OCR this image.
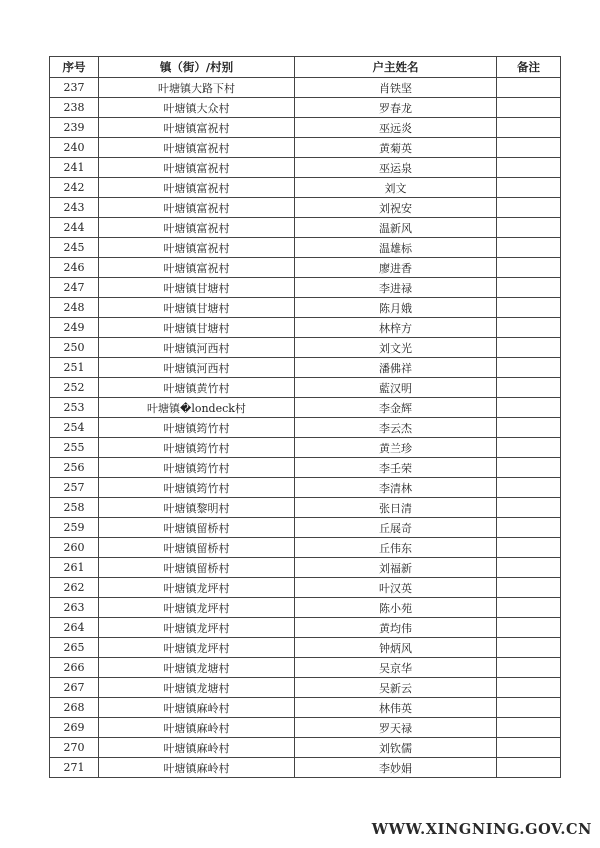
序号	镇（街）/村别	户主姓名	备注
237	叶塘镇大路下村	肖铁坚	
238	叶塘镇大众村	罗春龙	
239	叶塘镇富祝村	巫远炎	
240	叶塘镇富祝村	黄菊英	
241	叶塘镇富祝村	巫运泉	
242	叶塘镇富祝村	刘文	
243	叶塘镇富祝村	刘祝安	
244	叶塘镇富祝村	温新风	
245	叶塘镇富祝村	温雄标	
246	叶塘镇富祝村	廖进香	
247	叶塘镇甘塘村	李进禄	
248	叶塘镇甘塘村	陈月娥	
249	叶塘镇甘塘村	林梓方	
250	叶塘镇河西村	刘文光	
251	叶塘镇河西村	潘佛祥	
252	叶塘镇黄竹村	藍汉明	
253	叶塘镇�londeck村	李金辉	
254	叶塘镇筠竹村	李云杰	
255	叶塘镇筠竹村	黄兰珍	
256	叶塘镇筠竹村	李壬荣	
257	叶塘镇筠竹村	李清林	
258	叶塘镇黎明村	张日清	
259	叶塘镇留桥村	丘展奇	
260	叶塘镇留桥村	丘伟东	
261	叶塘镇留桥村	刘福新	
262	叶塘镇龙坪村	叶汉英	
263	叶塘镇龙坪村	陈小苑	
264	叶塘镇龙坪村	黄均伟	
265	叶塘镇龙坪村	钟炳风	
266	叶塘镇龙塘村	吴京华	
267	叶塘镇龙塘村	吴新云	
268	叶塘镇麻岭村	林伟英	
269	叶塘镇麻岭村	罗天禄	
270	叶塘镇麻岭村	刘钦儒	
271	叶塘镇麻岭村	李妙娟	
WWW.XINGNING.GOV.CN
